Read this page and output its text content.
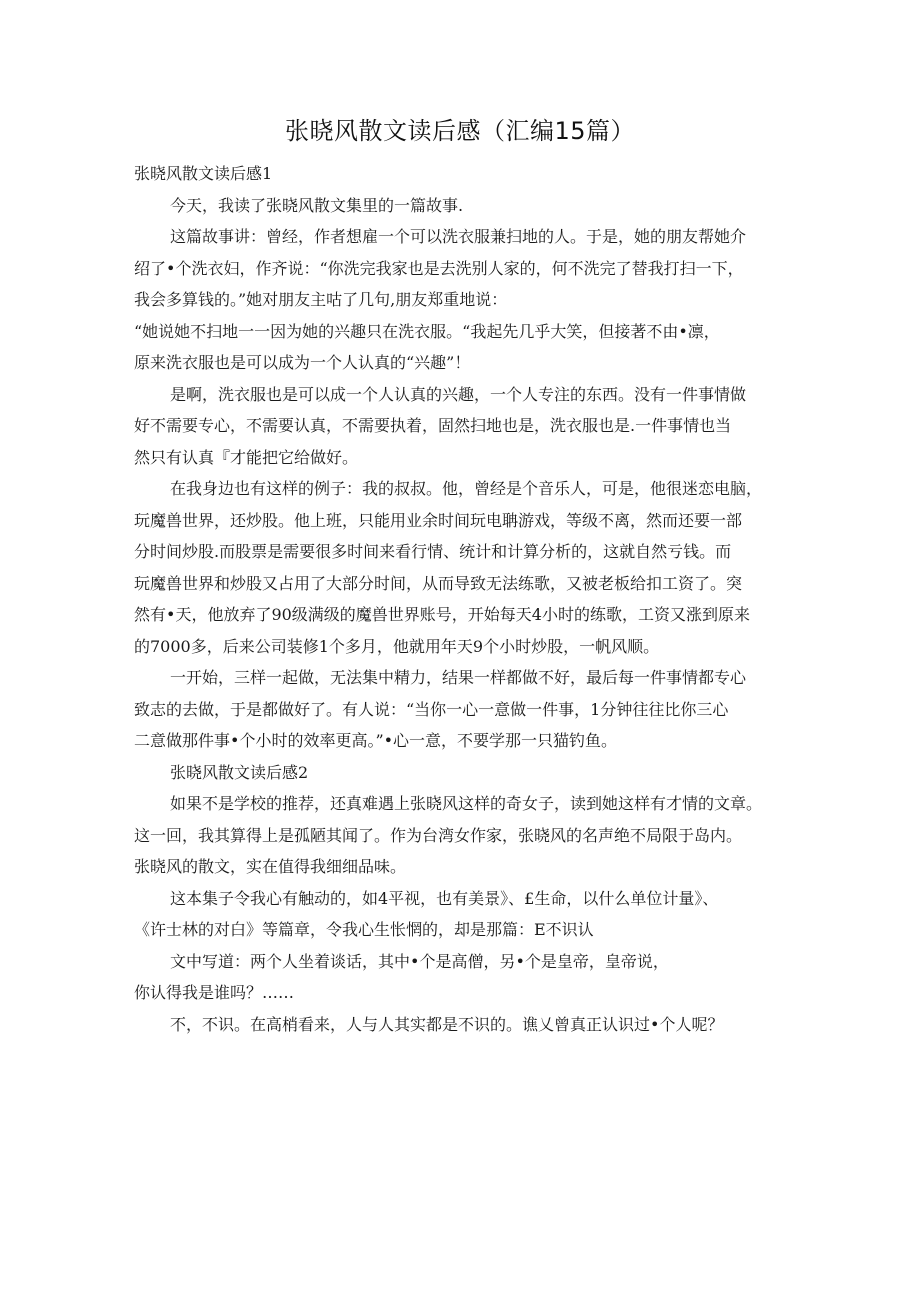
张晓风散文读后感（汇编15篇）
张晓风散文读后感1
今天，我读了张晓风散文集里的一篇故事.
这篇故事讲：曾经，作者想雇一个可以洗衣服兼扫地的人。于是，她的朋友帮她介
绍了•个洗衣妇，作齐说：“你洗完我家也是去洗别人家的，何不洗完了替我打扫一下，
我会多算钱的。”她对朋友主咕了几句,朋友郑重地说：
“她说她不扫地一一因为她的兴趣只在洗衣服。“我起先几乎大笑，但接著不由•凛，
原来洗衣服也是可以成为一个人认真的“兴趣”！
是啊，洗衣服也是可以成一个人认真的兴趣，一个人专注的东西。没有一件事情做
好不需要专心，不需要认真，不需要执着，固然扫地也是，洗衣服也是.一件事情也当
然只有认真『才能把它给做好。
在我身边也有这样的例子：我的叔叔。他，曾经是个音乐人，可是，他很迷恋电脑，
玩魔兽世界，还炒股。他上班，只能用业余时间玩电聃游戏，等级不离，然而还要一部
分时间炒股.而股票是需要很多时间来看行情、统计和计算分析的，这就自然亏钱。而
玩魔兽世界和炒股又占用了大部分时间，从而导致无法练歌，又被老板给扣工资了。突
然有•天，他放弃了90级满级的魔兽世界账号，开始每天4小时的练歌，工资又涨到原来
的7000多，后来公司装修1个多月，他就用年天9个小时炒股，一帆风顺。
一开始，三样一起做，无法集中精力，结果一样都做不好，最后每一件事情都专心
致志的去做，于是都做好了。有人说：“当你一心一意做一件事，1分钟往往比你三心
二意做那件事•个小时的效率更高。”•心一意，不要学那一只猫钓鱼。
张晓风散文读后感2
如果不是学校的推荐，还真难遇上张晓风这样的奇女子，读到她这样有才情的文章。
这一回，我其算得上是孤陋其闻了。作为台湾女作家，张晓风的名声绝不局限于岛内。
张晓风的散文，实在值得我细细品味。
这本集子令我心有触动的，如4平视，也有美景》、£生命，以什么单位计量》、
《许士林的对白》等篇章，令我心生怅惘的，却是那篇：E不识认
文中写道：两个人坐着谈话，其中•个是高僧，另•个是皇帝，皇帝说，
你认得我是谁吗？……
不，不识。在高梢看来，人与人其实都是不识的。谯乂曾真正认识过•个人呢？
